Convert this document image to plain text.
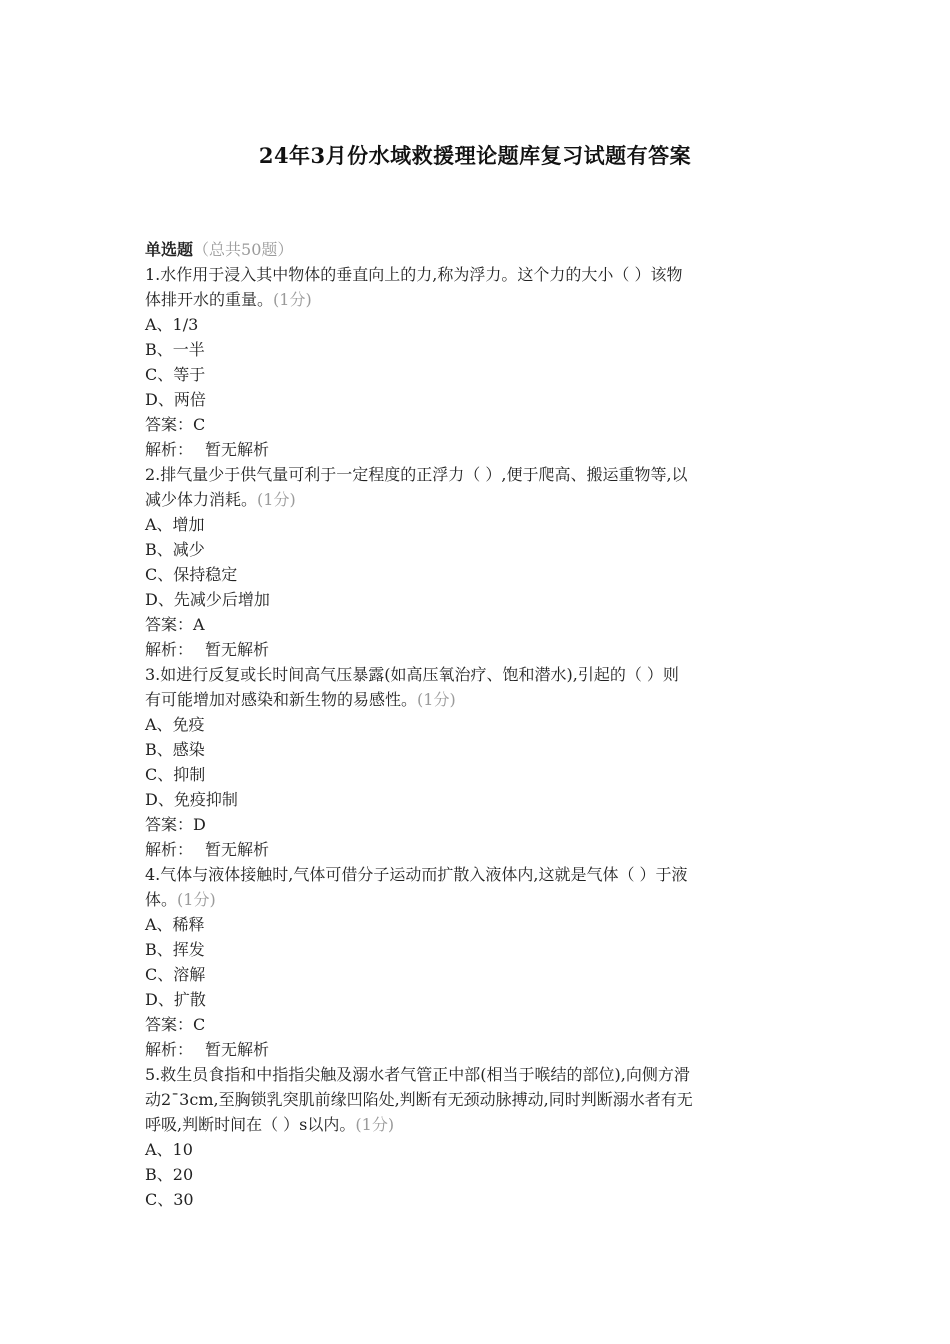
24年3月份水域救援理论题库复习试题有答案
单选题（总共50题）
1.水作用于浸入其中物体的垂直向上的力,称为浮力。这个力的大小（ ）该物
体排开水的重量。(1分)
A、1/3
B、一半
C、等于
D、两倍
答案：C
解析： 暂无解析
2.排气量少于供气量可利于一定程度的正浮力（ ）,便于爬高、搬运重物等,以
减少体力消耗。(1分)
A、增加
B、减少
C、保持稳定
D、先减少后增加
答案：A
解析： 暂无解析
3.如进行反复或长时间高气压暴露(如高压氧治疗、饱和潜水),引起的（ ）则
有可能增加对感染和新生物的易感性。(1分)
A、免疫
B、感染
C、抑制
D、免疫抑制
答案：D
解析： 暂无解析
4.气体与液体接触时,气体可借分子运动而扩散入液体内,这就是气体（ ）于液
体。(1分)
A、稀释
B、挥发
C、溶解
D、扩散
答案：C
解析： 暂无解析
5.救生员食指和中指指尖触及溺水者气管正中部(相当于喉结的部位),向侧方滑
动2¯3cm,至胸锁乳突肌前缘凹陷处,判断有无颈动脉搏动,同时判断溺水者有无
呼吸,判断时间在（ ）s以内。(1分)
A、10
B、20
C、30
